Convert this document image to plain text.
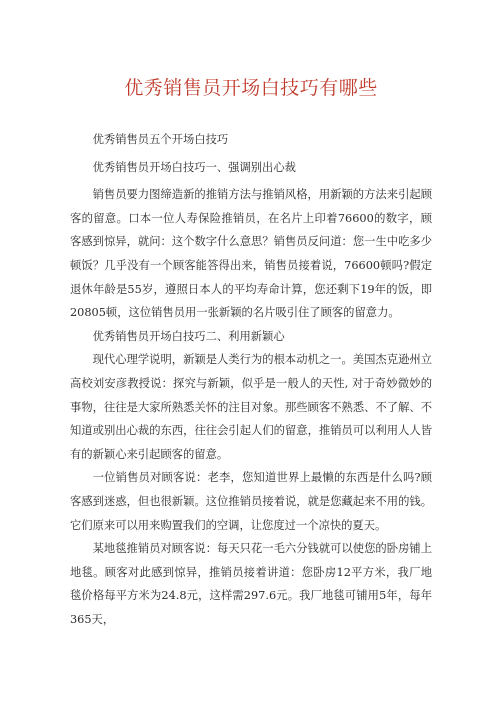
优秀销售员开场白技巧有哪些

优秀销售员五个开场白技巧

优秀销售员开场白技巧一、强调别出心裁

销售员要力图缔造新的推销方法与推销风格，用新颖的方法来引起顾客的留意。口本一位人寿保险推销员，在名片上印着76600的数字，顾客感到惊异，就问：这个数字什么意思？销售员反问道：您一生中吃多少顿饭？几乎没有一个顾客能答得出来，销售员接着说，76600顿吗?假定退休年龄是55岁，遵照日本人的平均寿命计算，您还剩下19年的饭，即20805顿，这位销售员用一张新颖的名片吸引住了顾客的留意力。

优秀销售员开场白技巧二、利用新颖心

现代心理学说明，新颖是人类行为的根本动机之一。美国杰克逊州立高校刘安彦教授说：探究与新颖，似乎是一般人的天性, 对于奇妙微妙的事物，往往是大家所熟悉关怀的注目对象。那些顾客不熟悉、不了解、不知道或别出心裁的东西，往往会引起人们的留意，推销员可以利用人人皆有的新颖心来引起顾客的留意。

一位销售员对顾客说：老李，您知道世界上最懒的东西是什么吗?顾客感到迷惑，但也很新颖。这位推销员接着说，就是您藏起来不用的钱。它们原来可以用来购置我们的空调，让您度过一个凉快的夏天。

某地毯推销员对顾客说：每天只花一毛六分钱就可以使您的卧房铺上地毯。顾客对此感到惊异，推销员接着讲道：您卧房12平方米，我厂地毯价格每平方米为24.8元，这样需297.6元。我厂地毯可铺用5年，每年365天，
